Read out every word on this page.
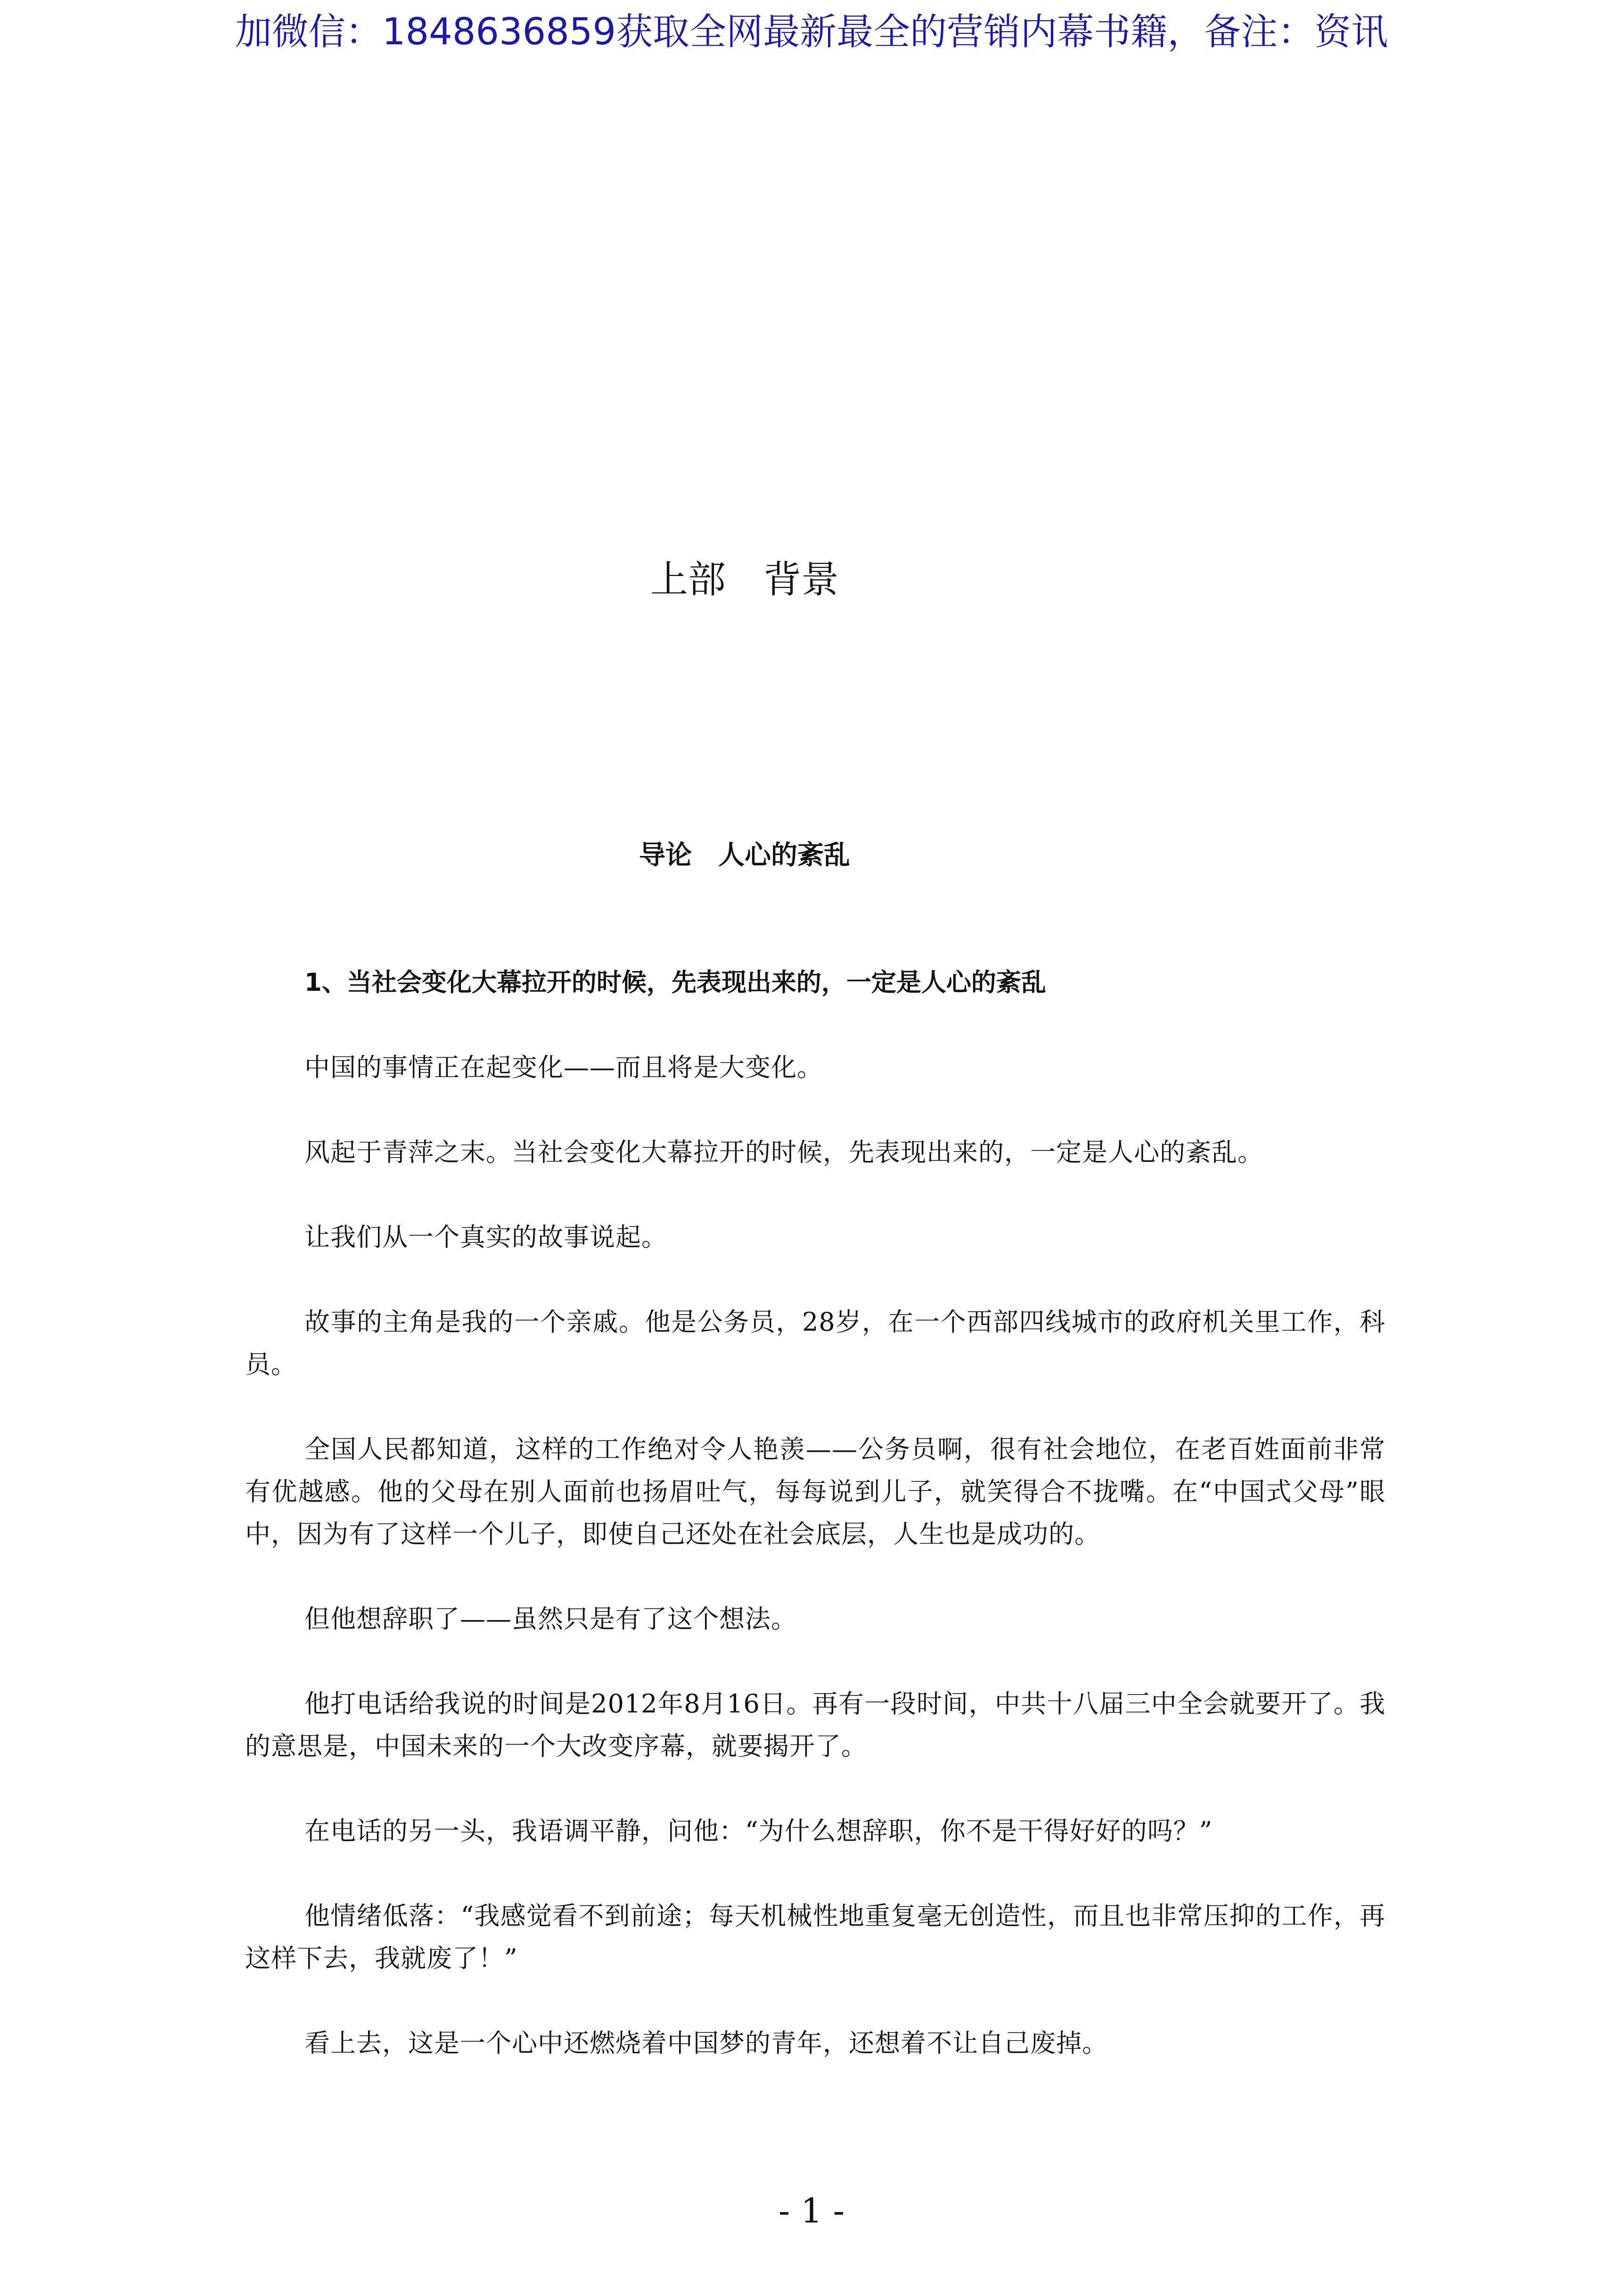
加微信：1848636859获取全网最新最全的营销内幕书籍，备注：资讯
上部　背景
导论　人心的紊乱

1、当社会变化大幕拉开的时候，先表现出来的，一定是人心的紊乱

中国的事情正在起变化——而且将是大变化。

风起于青萍之末。当社会变化大幕拉开的时候，先表现出来的，一定是人心的紊乱。

让我们从一个真实的故事说起。

故事的主角是我的一个亲戚。他是公务员，28岁，在一个西部四线城市的政府机关里工作，科员。

全国人民都知道，这样的工作绝对令人艳羡——公务员啊，很有社会地位，在老百姓面前非常有优越感。他的父母在别人面前也扬眉吐气，每每说到儿子，就笑得合不拢嘴。在“中国式父母”眼中，因为有了这样一个儿子，即使自己还处在社会底层，人生也是成功的。

但他想辞职了——虽然只是有了这个想法。

他打电话给我说的时间是2012年8月16日。再有一段时间，中共十八届三中全会就要开了。我的意思是，中国未来的一个大改变序幕，就要揭开了。

在电话的另一头，我语调平静，问他：“为什么想辞职，你不是干得好好的吗？”

他情绪低落：“我感觉看不到前途；每天机械性地重复毫无创造性，而且也非常压抑的工作，再这样下去，我就废了！”

看上去，这是一个心中还燃烧着中国梦的青年，还想着不让自己废掉。

- 1 -
